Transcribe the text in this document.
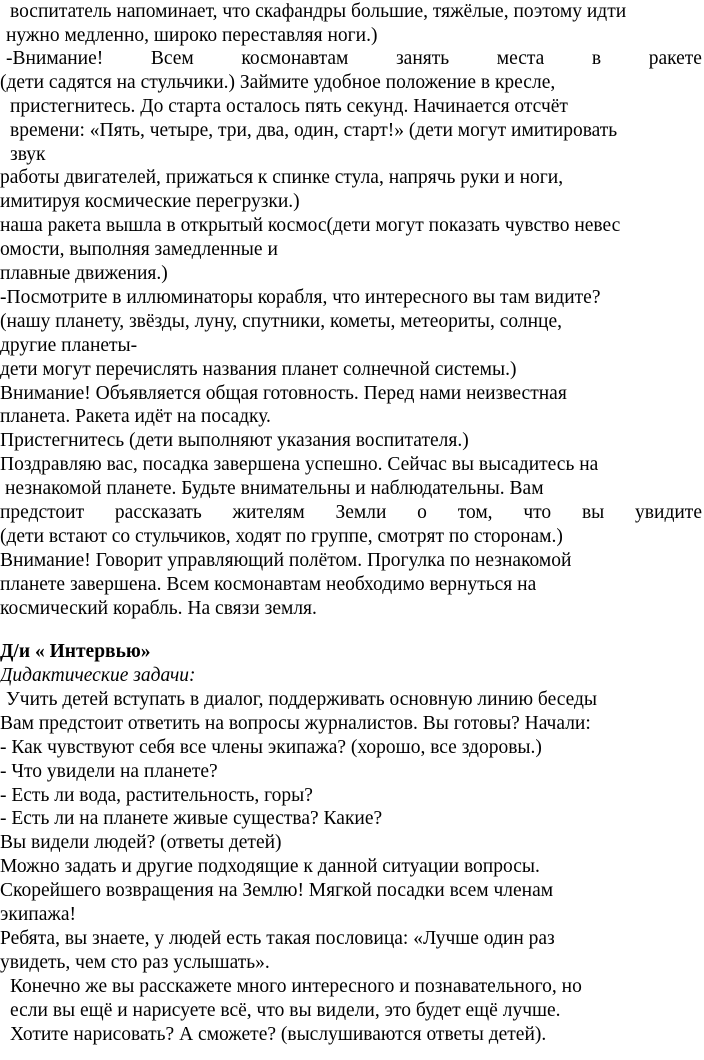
воспитатель напоминает, что скафандры большие, тяжёлые, поэтому идти
нужно медленно, широко переставляя ноги.)
-Внимание! Всем космонавтам занять места в ракете
(дети садятся на стульчики.) Займите удобное положение в кресле,
пристегнитесь. До старта осталось пять секунд. Начинается отсчёт
времени: «Пять, четыре, три, два, один, старт!» (дети могут имитировать
звук
работы двигателей, прижаться к спинке стула, напрячь руки и ноги,
имитируя космические перегрузки.)
наша ракета вышла в открытый космос(дети могут показать чувство невес
омости, выполняя замедленные и
плавные движения.)
-Посмотрите в иллюминаторы корабля, что интересного вы там видите?
(нашу планету, звёзды, луну, спутники, кометы, метеориты, солнце,
другие планеты-
дети могут перечислять названия планет солнечной системы.)
Внимание! Объявляется общая готовность. Перед нами неизвестная
планета. Ракета идёт на посадку.
Пристегнитесь (дети выполняют указания воспитателя.)
Поздравляю вас, посадка завершена успешно. Сейчас вы высадитесь на
незнакомой планете. Будьте внимательны и наблюдательны. Вам
предстоит рассказать жителям Земли о том, что вы увидите
(дети встают со стульчиков, ходят по группе, смотрят по сторонам.)
Внимание! Говорит управляющий полётом. Прогулка по незнакомой
планете завершена. Всем космонавтам необходимо вернуться на
космический корабль. На связи земля.
Д/и « Интервью»
Дидактические задачи:
Учить детей вступать в диалог, поддерживать основную линию беседы
Вам предстоит ответить на вопросы журналистов. Вы готовы? Начали:
- Как чувствуют себя все члены экипажа? (хорошо, все здоровы.)
- Что увидели на планете?
- Есть ли вода, растительность, горы?
- Есть ли на планете живые существа? Какие?
Вы видели людей? (ответы детей)
Можно задать и другие подходящие к данной ситуации вопросы.
Скорейшего возвращения на Землю! Мягкой посадки всем членам
экипажа!
Ребята, вы знаете, у людей есть такая пословица: «Лучше один раз
увидеть, чем сто раз услышать».
Конечно же вы расскажете много интересного и познавательного, но
если вы ещё и нарисуете всё, что вы видели, это будет ещё лучше.
Хотите нарисовать? А сможете? (выслушиваются ответы детей).
